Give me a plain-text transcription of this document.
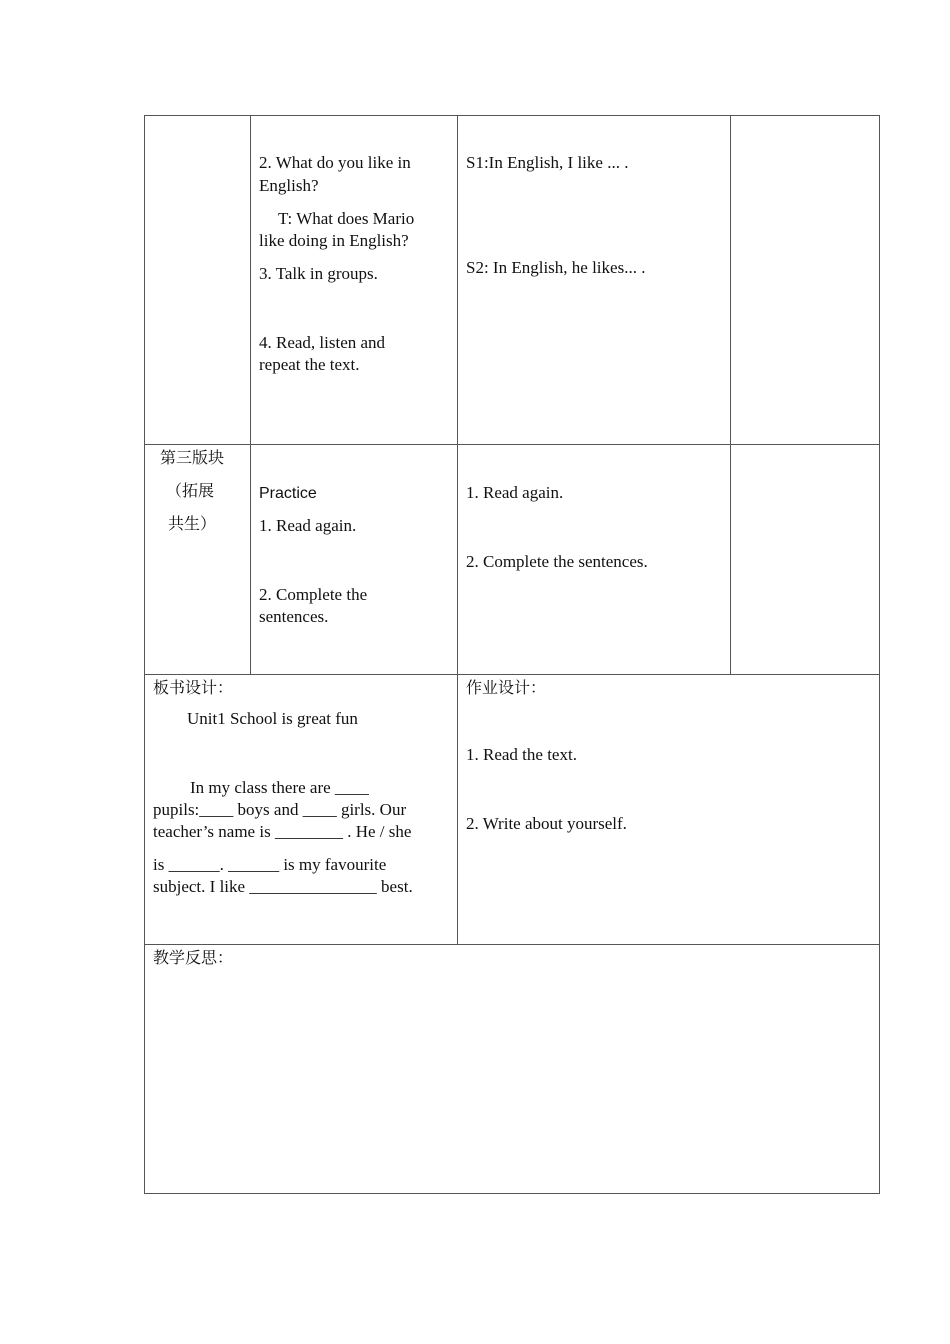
2. What do you like in
English?
T: What does Mario
like doing in English?
3. Talk in groups.
4. Read, listen and
repeat the text.
S1:In English, I like ... .
S2: In English, he likes... .
第三版块
（拓展
共生）
Practice
1. Read again.
2. Complete the
sentences.
1. Read again.
2. Complete the sentences.
板书设计：
Unit1 School is great fun
In my class there are ____
pupils:____ boys and ____ girls. Our
teacher’s name is ________ . He / she
is ______. ______ is my favourite
subject. I like _______________ best.
作业设计：
1. Read the text.
2. Write about yourself.
教学反思：
